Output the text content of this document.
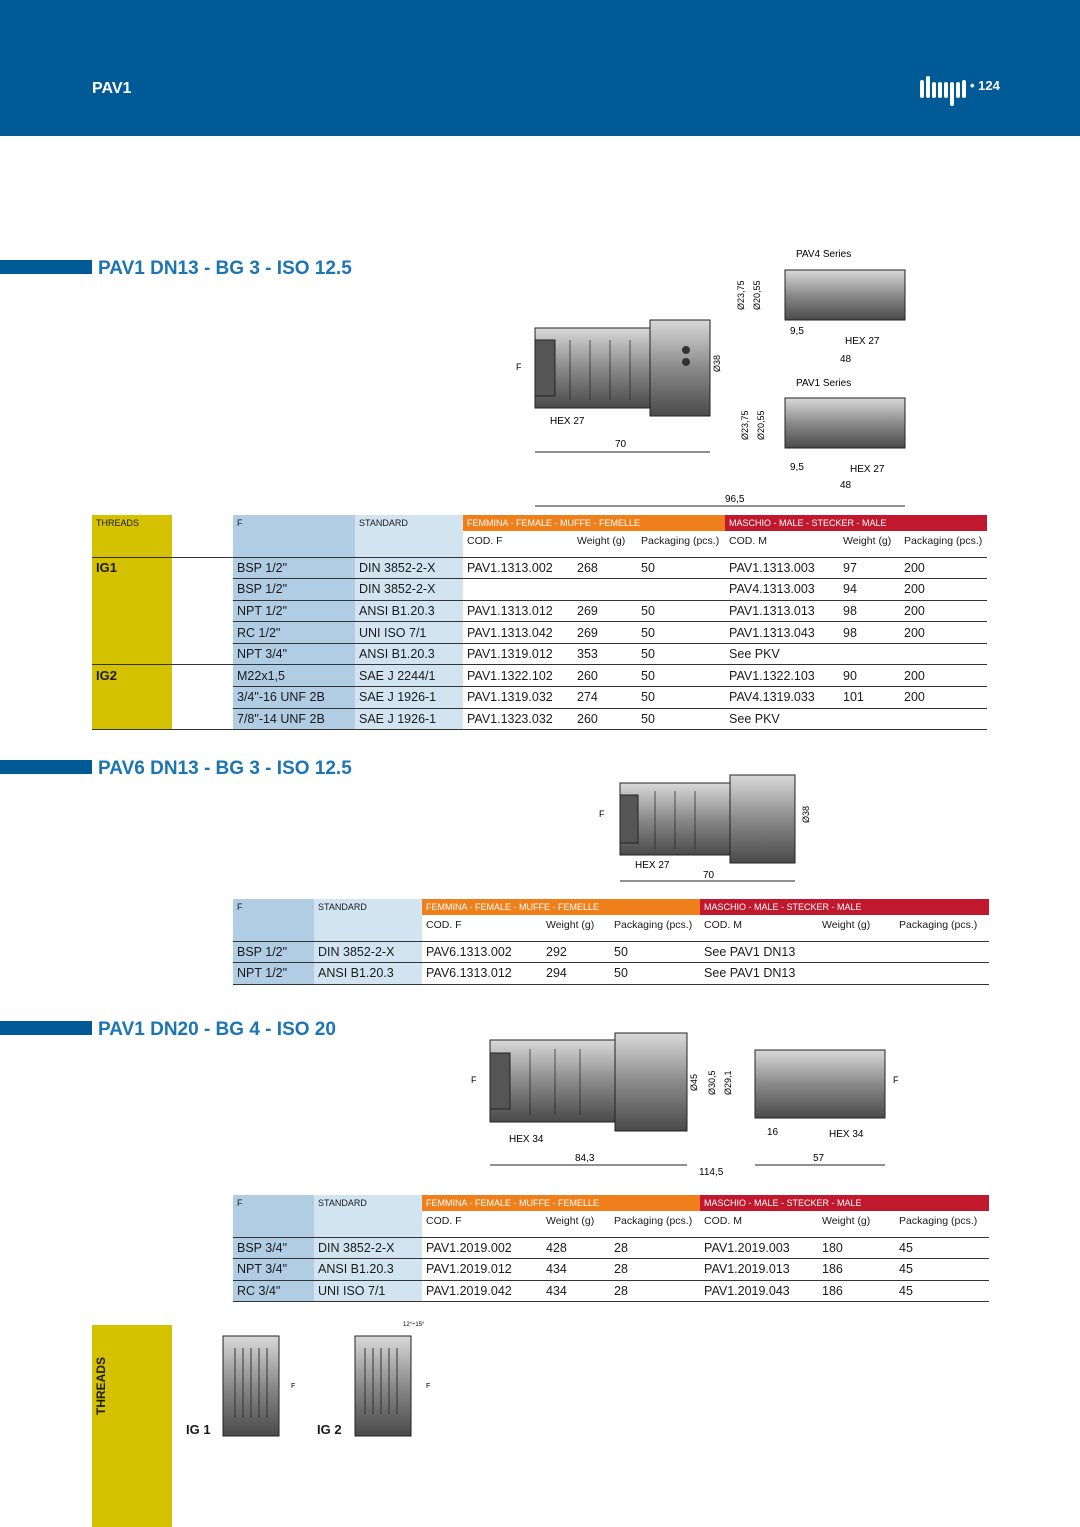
PAV1	• 124
PAV1 DN13 - BG 3 - ISO 12.5
HEX 27
F	Ø38
70
96,5
PAV4 Series
Ø23,75 Ø20,55
9,5
HEX 27
48
PAV1 Series
Ø23,75 Ø20,55
9,5	HEX 27
48
THREADS		F	STANDARD	FEMMINA - FEMALE - MUFFE - FEMELLE			MASCHIO - MALE - STECKER - MALE		
				COD. F	Weight (g)	Packaging (pcs.)	COD. M	Weight (g)	Packaging (pcs.)
IG1		BSP 1/2"	DIN 3852-2-X	PAV1.1313.002	268	50	PAV1.1313.003	97	200
		BSP 1/2"	DIN 3852-2-X				PAV4.1313.003	94	200
		NPT 1/2"	ANSI B1.20.3	PAV1.1313.012	269	50	PAV1.1313.013	98	200
		RC 1/2"	UNI ISO 7/1	PAV1.1313.042	269	50	PAV1.1313.043	98	200
		NPT 3/4"	ANSI B1.20.3	PAV1.1319.012	353	50	See PKV		
IG2		M22x1,5	SAE J 2244/1	PAV1.1322.102	260	50	PAV1.1322.103	90	200
		3/4"-16 UNF 2B	SAE J 1926-1	PAV1.1319.032	274	50	PAV4.1319.033	101	200
		7/8"-14 UNF 2B	SAE J 1926-1	PAV1.1323.032	260	50	See PKV		
PAV6 DN13 - BG 3 - ISO 12.5
F
HEX 27
Ø38
70
F	STANDARD	FEMMINA - FEMALE - MUFFE - FEMELLE			MASCHIO - MALE - STECKER - MALE		
		COD. F	Weight (g)	Packaging (pcs.)	COD. M	Weight (g)	Packaging (pcs.)
BSP 1/2"	DIN 3852-2-X	PAV6.1313.002	292	50	See PAV1 DN13		
NPT 1/2"	ANSI B1.20.3	PAV6.1313.012	294	50	See PAV1 DN13		
PAV1 DN20 - BG 4 - ISO 20
F
HEX 34
Ø45 Ø30,5 Ø29,1	F
16	HEX 34
84,3	57
114,5
F	STANDARD	FEMMINA - FEMALE - MUFFE - FEMELLE			MASCHIO - MALE - STECKER - MALE		
		COD. F	Weight (g)	Packaging (pcs.)	COD. M	Weight (g)	Packaging (pcs.)
BSP 3/4"	DIN 3852-2-X	PAV1.2019.002	428	28	PAV1.2019.003	180	45
NPT 3/4"	ANSI B1.20.3	PAV1.2019.012	434	28	PAV1.2019.013	186	45
RC 3/4"	UNI ISO 7/1	PAV1.2019.042	434	28	PAV1.2019.043	186	45
THREADS	F
12°÷15°
F
IG 1	IG 2
